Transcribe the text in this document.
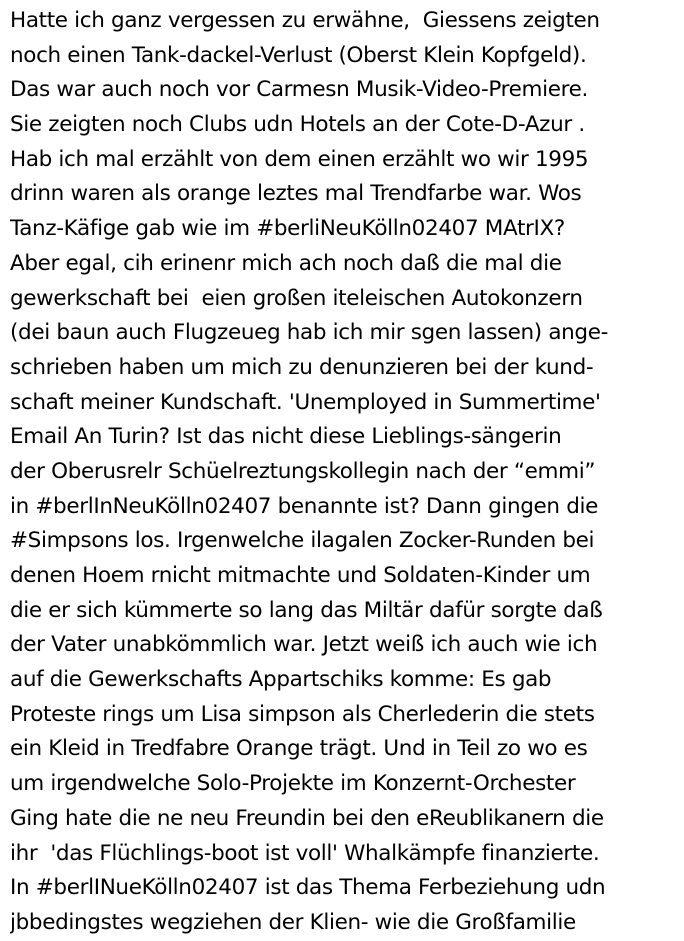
Hatte ich ganz vergessen zu erwähne,  Giessens zeigten
noch einen Tank-dackel-Verlust (Oberst Klein Kopfgeld).
Das war auch noch vor Carmesn Musik-Video-Premiere.
Sie zeigten noch Clubs udn Hotels an der Cote-D-Azur .
Hab ich mal erzählt von dem einen erzählt wo wir 1995
drinn waren als orange leztes mal Trendfarbe war. Wos
Tanz-Käfige gab wie im #berliNeuKölln02407 MAtrIX?
Aber egal, cih erinenr mich ach noch daß die mal die
gewerkschaft bei  eien großen iteleischen Autokonzern
(dei baun auch Flugzeueg hab ich mir sgen lassen) ange-
schrieben haben um mich zu denunzieren bei der kund-
schaft meiner Kundschaft. 'Unemployed in Summertime'
Email An Turin? Ist das nicht diese Lieblings-sängerin
der Oberusrelr Schüelreztungskollegin nach der “emmi”
in #berlInNeuKölln02407 benannte ist? Dann gingen die
#Simpsons los. Irgenwelche ilagalen Zocker-Runden bei
denen Hoem rnicht mitmachte und Soldaten-Kinder um
die er sich kümmerte so lang das Miltär dafür sorgte daß
der Vater unabkömmlich war. Jetzt weiß ich auch wie ich
auf die Gewerkschafts Appartschiks komme: Es gab
Proteste rings um Lisa simpson als Cherlederin die stets
ein Kleid in Tredfabre Orange trägt. Und in Teil zo wo es
um irgendwelche Solo-Projekte im Konzernt-Orchester
Ging hate die ne neu Freundin bei den eReublikanern die
ihr  'das Flüchlings-boot ist voll' Whalkämpfe finanzierte.
In #berlINueKölln02407 ist das Thema Ferbeziehung udn
jbbedingstes wegziehen der Klien- wie die Großfamilie
